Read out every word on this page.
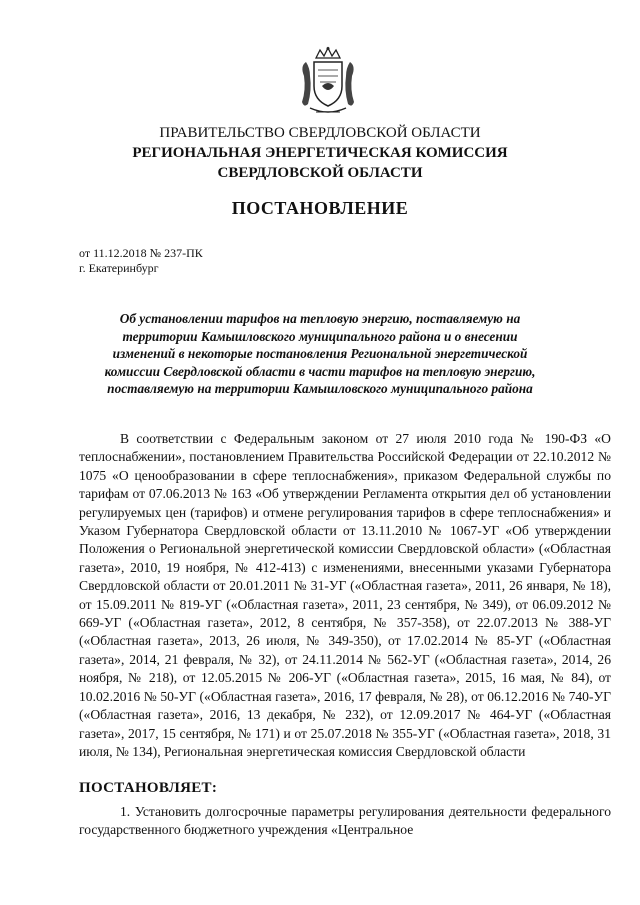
ПРАВИТЕЛЬСТВО СВЕРДЛОВСКОЙ ОБЛАСТИ
РЕГИОНАЛЬНАЯ ЭНЕРГЕТИЧЕСКАЯ КОМИССИЯ
СВЕРДЛОВСКОЙ ОБЛАСТИ
ПОСТАНОВЛЕНИЕ
от 11.12.2018 № 237-ПК
г. Екатеринбург
Об установлении тарифов на тепловую энергию, поставляемую на территории Камышловского муниципального района и о внесении изменений в некоторые постановления Региональной энергетической комиссии Свердловской области в части тарифов на тепловую энергию, поставляемую на территории Камышловского муниципального района

В соответствии с Федеральным законом от 27 июля 2010 года № 190-ФЗ «О теплоснабжении», постановлением Правительства Российской Федерации от 22.10.2012 № 1075 «О ценообразовании в сфере теплоснабжения», приказом Федеральной службы по тарифам от 07.06.2013 № 163 «Об утверждении Регламента открытия дел об установлении регулируемых цен (тарифов) и отмене регулирования тарифов в сфере теплоснабжения» и Указом Губернатора Свердловской области от 13.11.2010 № 1067-УГ «Об утверждении Положения о Региональной энергетической комиссии Свердловской области» («Областная газета», 2010, 19 ноября, № 412-413) с изменениями, внесенными указами Губернатора Свердловской области от 20.01.2011 № 31-УГ («Областная газета», 2011, 26 января, № 18), от 15.09.2011 № 819-УГ («Областная газета», 2011, 23 сентября, № 349), от 06.09.2012 № 669-УГ («Областная газета», 2012, 8 сентября, № 357-358), от 22.07.2013 № 388-УГ («Областная газета», 2013, 26 июля, № 349-350), от 17.02.2014 № 85-УГ («Областная газета», 2014, 21 февраля, № 32), от 24.11.2014 № 562-УГ («Областная газета», 2014, 26 ноября, № 218), от 12.05.2015 № 206-УГ («Областная газета», 2015, 16 мая, № 84), от 10.02.2016 № 50-УГ («Областная газета», 2016, 17 февраля, № 28), от 06.12.2016 № 740-УГ («Областная газета», 2016, 13 декабря, № 232), от 12.09.2017 № 464-УГ («Областная газета», 2017, 15 сентября, № 171) и от 25.07.2018 № 355-УГ («Областная газета», 2018, 31 июля, № 134), Региональная энергетическая комиссия Свердловской области

ПОСТАНОВЛЯЕТ:

1. Установить долгосрочные параметры регулирования деятельности федерального государственного бюджетного учреждения «Центральное
